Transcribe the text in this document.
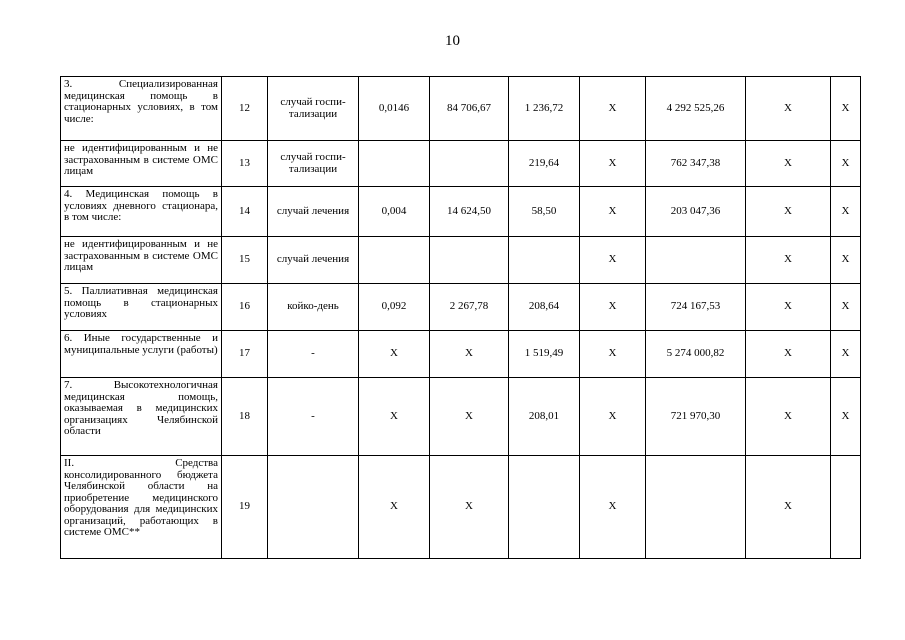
10
3. Специализированная медицинская помощь в стационарных условиях, в том числе:	12	случай госпи-тализации	0,0146	84 706,67	1 236,72	X	4 292 525,26	X	X
не идентифицированным и не застрахованным в системе ОМС лицам	13	случай госпи-тализации			219,64	X	762 347,38	X	X
4. Медицинская помощь в условиях дневного стационара, в том числе:	14	случай лечения	0,004	14 624,50	58,50	X	203 047,36	X	X
не идентифицированным и не застрахованным в системе ОМС лицам	15	случай лечения				X		X	X
5. Паллиативная медицинская помощь в стационарных условиях	16	койко-день	0,092	2 267,78	208,64	X	724 167,53	X	X
6. Иные государственные и муниципальные услуги (работы)	17	-	X	X	1 519,49	X	5 274 000,82	X	X
7. Высокотехнологичная медицинская помощь, оказываемая в медицинских организациях Челябинской области	18	-	X	X	208,01	X	721 970,30	X	X
II. Средства консолидированного бюджета Челябинской области на приобретение медицинского оборудования для медицинских организаций, работающих в системе ОМС**	19		X	X		X		X	
